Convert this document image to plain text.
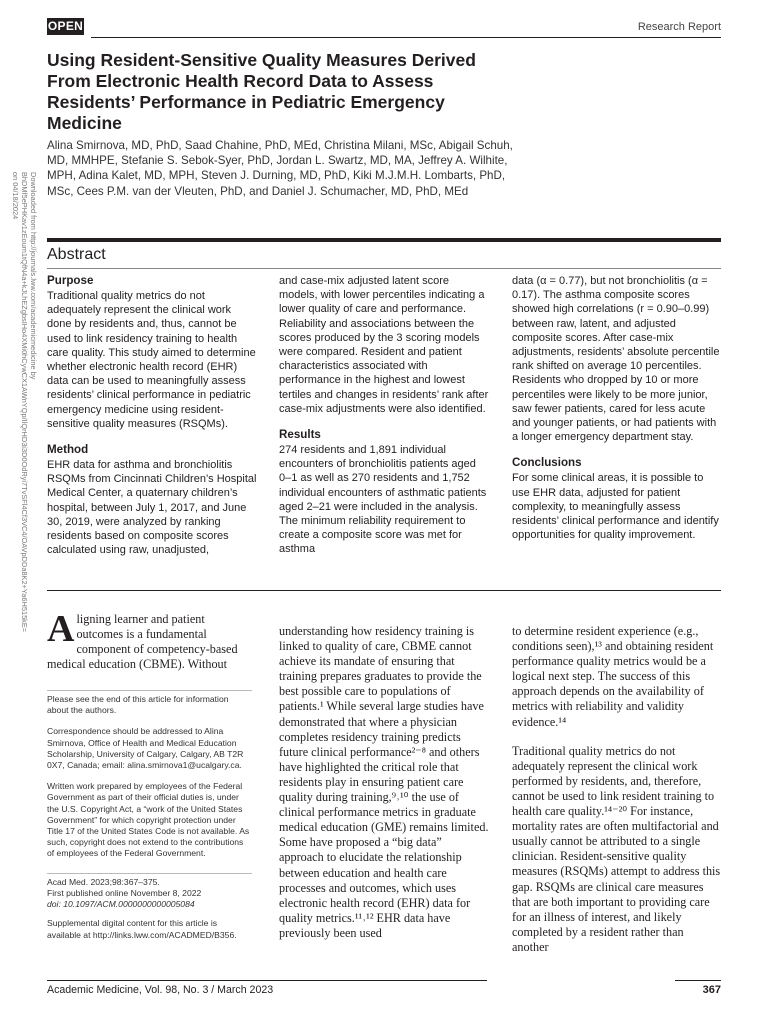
OPEN	Research Report
Using Resident-Sensitive Quality Measures Derived From Electronic Health Record Data to Assess Residents’ Performance in Pediatric Emergency Medicine
Alina Smirnova, MD, PhD, Saad Chahine, PhD, MEd, Christina Milani, MSc, Abigail Schuh, MD, MMHPE, Stefanie S. Sebok-Syer, PhD, Jordan L. Swartz, MD, MA, Jeffrey A. Wilhite, MPH, Adina Kalet, MD, MPH, Steven J. Durning, MD, PhD, Kiki M.J.M.H. Lombarts, PhD, MSc, Cees P.M. van der Vleuten, PhD, and Daniel J. Schumacher, MD, PhD, MEd
Downloaded from http://journals.lww.com/academicmedicine by BhDMf5ePHKav1zEoum1tQfN4a+kJLhEZgbsIHo4XMi0hCywCX1AWnYQp/IlQrHD3i3D0OdRyi7TvSFl4Cf3VC4/OAVpDDa8K2+Ya6H515kE= on 04/18/2024
Abstract
Purpose

Traditional quality metrics do not adequately represent the clinical work done by residents and, thus, cannot be used to link residency training to health care quality. This study aimed to determine whether electronic health record (EHR) data can be used to meaningfully assess residents’ clinical performance in pediatric emergency medicine using resident-sensitive quality measures (RSQMs).

Method

EHR data for asthma and bronchiolitis RSQMs from Cincinnati Children’s Hospital Medical Center, a quaternary children’s hospital, between July 1, 2017, and June 30, 2019, were analyzed by ranking residents based on composite scores calculated using raw, unadjusted,

and case-mix adjusted latent score models, with lower percentiles indicating a lower quality of care and performance. Reliability and associations between the scores produced by the 3 scoring models were compared. Resident and patient characteristics associated with performance in the highest and lowest tertiles and changes in residents’ rank after case-mix adjustments were also identified.

Results

274 residents and 1,891 individual encounters of bronchiolitis patients aged 0–1 as well as 270 residents and 1,752 individual encounters of asthmatic patients aged 2–21 were included in the analysis. The minimum reliability requirement to create a composite score was met for asthma

data (α = 0.77), but not bronchiolitis (α = 0.17). The asthma composite scores showed high correlations (r = 0.90–0.99) between raw, latent, and adjusted composite scores. After case-mix adjustments, residents’ absolute percentile rank shifted on average 10 percentiles. Residents who dropped by 10 or more percentiles were likely to be more junior, saw fewer patients, cared for less acute and younger patients, or had patients with a longer emergency department stay.

Conclusions

For some clinical areas, it is possible to use EHR data, adjusted for patient complexity, to meaningfully assess residents’ clinical performance and identify opportunities for quality improvement.

Aligning learner and patient outcomes is a fundamental component of competency-based medical education (CBME). Without

Please see the end of this article for information about the authors.

Correspondence should be addressed to Alina Smirnova, Office of Health and Medical Education Scholarship, University of Calgary, Calgary, AB T2R 0X7, Canada; email: alina.smirnova1@ucalgary.ca.

Written work prepared by employees of the Federal Government as part of their official duties is, under the U.S. Copyright Act, a “work of the United States Government” for which copyright protection under Title 17 of the United States Code is not available. As such, copyright does not extend to the contributions of employees of the Federal Government.

Acad Med. 2023;98:367–375.
First published online November 8, 2022
doi: 10.1097/ACM.0000000000005084
Supplemental digital content for this article is available at http://links.lww.com/ACADMED/B356.

understanding how residency training is linked to quality of care, CBME cannot achieve its mandate of ensuring that training prepares graduates to provide the best possible care to populations of patients.¹ While several large studies have demonstrated that where a physician completes residency training predicts future clinical performance²⁻⁸ and others have highlighted the critical role that residents play in ensuring patient care quality during training,⁹˒¹⁰ the use of clinical performance metrics in graduate medical education (GME) remains limited. Some have proposed a “big data” approach to elucidate the relationship between education and health care processes and outcomes, which uses electronic health record (EHR) data for quality metrics.¹¹˒¹² EHR data have previously been used

to determine resident experience (e.g., conditions seen),¹³ and obtaining resident performance quality metrics would be a logical next step. The success of this approach depends on the availability of metrics with reliability and validity evidence.¹⁴

Traditional quality metrics do not adequately represent the clinical work performed by residents, and, therefore, cannot be used to link resident training to health care quality.¹⁴⁻²⁰ For instance, mortality rates are often multifactorial and usually cannot be attributed to a single clinician. Resident-sensitive quality measures (RSQMs) attempt to address this gap. RSQMs are clinical care measures that are both important to providing care for an illness of interest, and likely completed by a resident rather than another

Academic Medicine, Vol. 98, No. 3 / March 2023	367
